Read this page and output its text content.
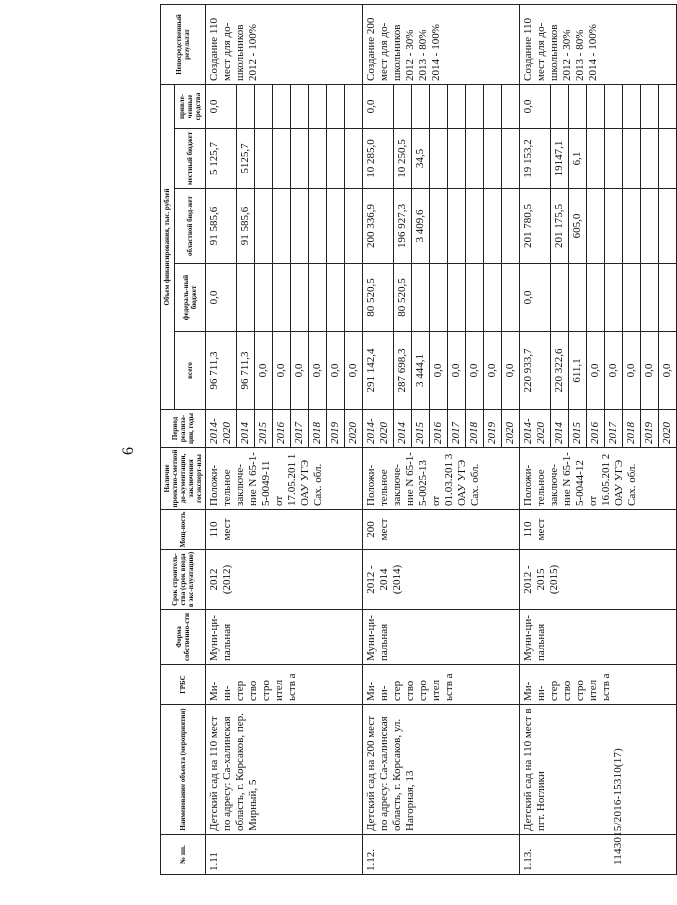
6
№ пп.	Наименование объекта (мероприятия)	ГРБС	Форма собственно-сти	Срок строитель-ства (срок ввода в экс-плуатацию)	Мощ-ность	Наличие проектно-сметной до-кументации, заключения госэксперт-изы	Период реализа-ции, годы	Объем финансирования, тыс. рублей					Непосредственный результат
								всего	федераль-ный бюджет	областной бюд-жет	местный бюджет	привле-ченные средства	
1.11	Детский сад на 110 мест по адресу: Са-халинская область, г. Корсаков, пер. Мирный, 5	Ми-ни-стер ство стро ител ьств а	Муни-ци-пальная	2012 (2012)	110 мест	Положи-тельное заключе-ние N 65-1-5-0049-11 от 17.05.201 1 ОАУ УГЭ Сах. обл.	2014-2020	96 711,3	0,0	91 585,6	5 125,7	0,0	Создание 110 мест для до-школьников 2012 - 100%
							2014	96 711,3		91 585,6	5125,7		
							2015	0,0					
							2016	0,0					
							2017	0,0					
							2018	0,0					
							2019	0,0					
							2020	0,0					
1.12.	Детский сад на 200 мест по адресу: Са-халинская область, г. Корсаков, ул. Нагорная, 13	Ми-ни-стер ство стро ител ьств а	Муни-ци-пальная	2012 - 2014 (2014)	200 мест	Положи-тельное заключе-ние N 65-1-5-0025-13 от 01.03.201 3 ОАУ УГЭ Сах. обл.	2014-2020	291 142,4	80 520,5	200 336,9	10 285,0	0,0	Создание 200 мест для до-школьников 2012 - 30% 2013 - 80% 2014 - 100%
							2014	287 698,3	80 520,5	196 927,3	10 250,5		
							2015	3 444,1		3 409,6	34,5		
							2016	0,0					
							2017	0,0					
							2018	0,0					
							2019	0,0					
							2020	0,0					
1.13.	Детский сад на 110 мест в пгт. Ноглики	Ми-ни-стер ство стро ител ьств а	Муни-ци-пальная	2012 - 2015 (2015)	110 мест	Положи-тельное заключе-ние N 65-1-5-0044-12 от 16.05.201 2 ОАУ УГЭ Сах. обл.	2014-2020	220 933,7	0,0	201 780,5	19 153,2	0,0	Создание 110 мест для до-школьников 2012 - 30% 2013 - 80% 2014 - 100%
							2014	220 322,6		201 175,5	19147,1		
							2015	611,1		605,0	6,1		
							2016	0,0					
							2017	0,0					
							2018	0,0					
							2019	0,0					
							2020	0,0					
1143015/2016-15310(17)
